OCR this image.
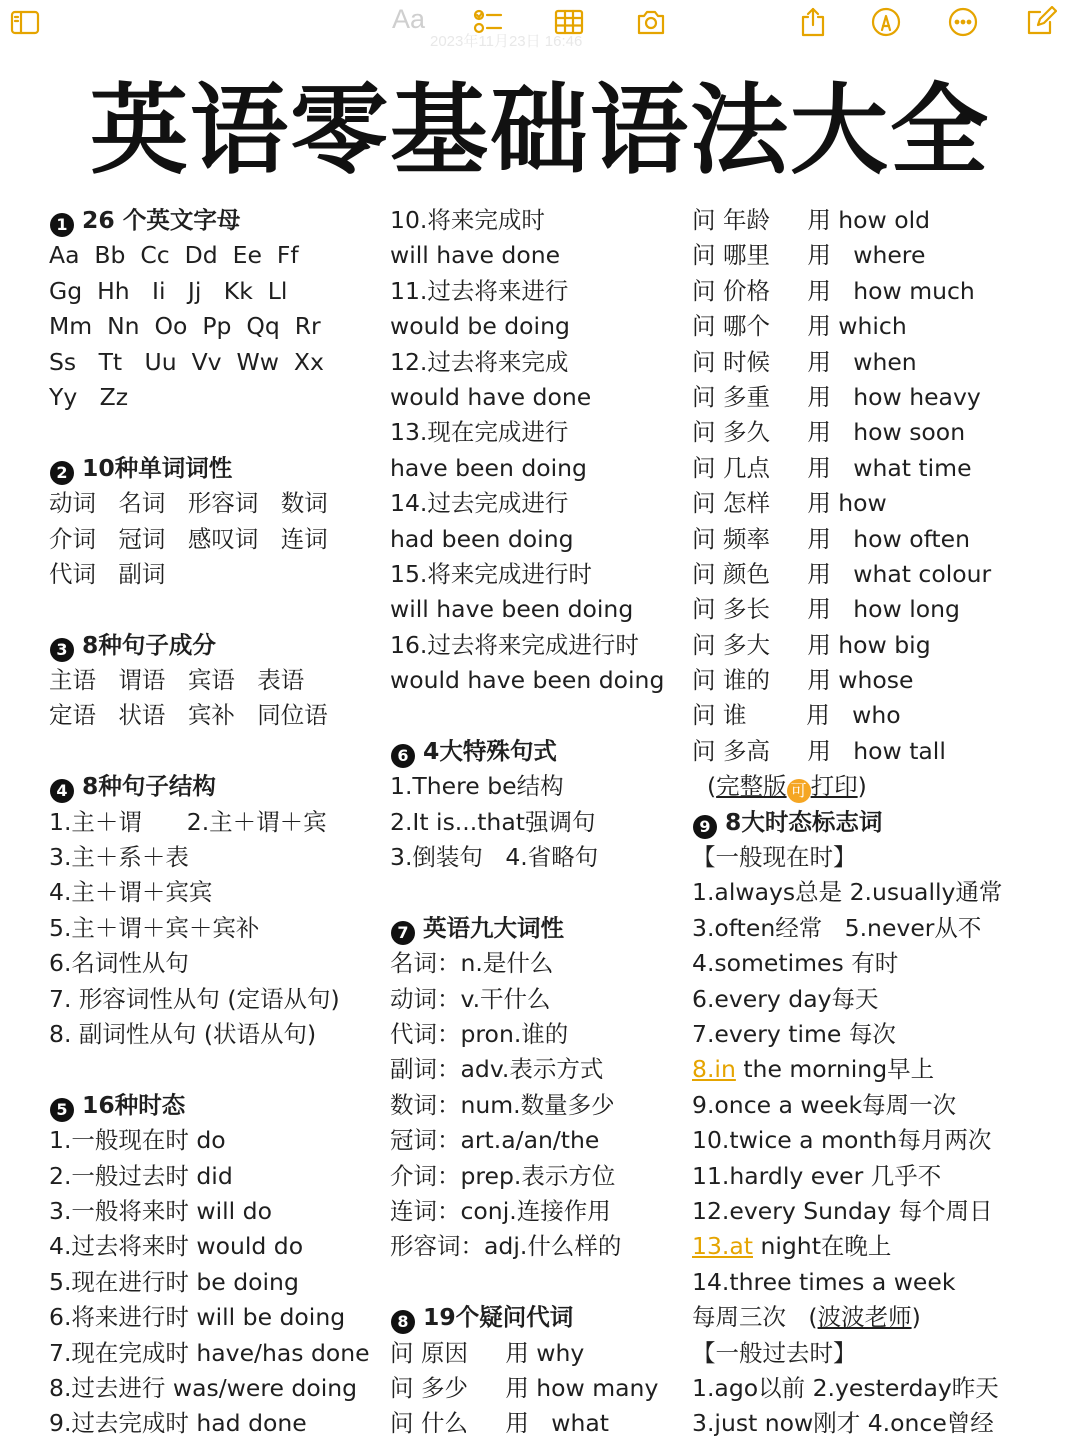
Aa
2023年11月23日 16:46
英语零基础语法大全
1 26 个英文字母
Aa  Bb  Cc  Dd  Ee  Ff
Gg  Hh   Ii   Jj   Kk  Ll
Mm  Nn  Oo  Pp  Qq  Rr
Ss   Tt   Uu  Vv  Ww  Xx
Yy   Zz
2 10种单词词性
动词   名词   形容词   数词
介词   冠词   感叹词   连词
代词   副词
3 8种句子成分
主语   谓语   宾语   表语
定语   状语   宾补   同位语
4 8种句子结构
1.主＋谓      2.主＋谓＋宾
3.主＋系＋表
4.主＋谓＋宾宾
5.主＋谓＋宾＋宾补
6.名词性从句
7. 形容词性从句 (定语从句)
8. 副词性从句 (状语从句)
5 16种时态
1.一般现在时 do
2.一般过去时 did
3.一般将来时 will do
4.过去将来时 would do
5.现在进行时 be doing
6.将来进行时 will be doing
7.现在完成时 have/has done
8.过去进行 was/were doing
9.过去完成时 had done
10.将来完成时
will have done
11.过去将来进行
would be doing
12.过去将来完成
would have done
13.现在完成进行
have been doing
14.过去完成进行
had been doing
15.将来完成进行时
will have been doing
16.过去将来完成进行时
would have been doing
6 4大特殊句式
1.There be结构
2.It is...that强调句
3.倒装句   4.省略句
7 英语九大词性
名词：n.是什么
动词：v.干什么
代词：pron.谁的
副词：adv.表示方式
数词：num.数量多少
冠词：art.a/an/the
介词：prep.表示方位
连词：conj.连接作用
形容词：adj.什么样的
8 19个疑问代词
问 原因     用 why
问 多少     用 how many
问 什么     用   what
问 年龄     用 how old
问 哪里     用   where
问 价格     用   how much
问 哪个     用 which
问 时候     用   when
问 多重     用   how heavy
问 多久     用   how soon
问 几点     用   what time
问 怎样     用 how
问 频率     用   how often
问 颜色     用   what colour
问 多长     用   how long
问 多大     用 how big
问 谁的     用 whose
问 谁        用   who
问 多高     用   how tall
(完整版 可 打印)
9 8大时态标志词
【一般现在时】
1.always总是 2.usually通常
3.often经常   5.never从不
4.sometimes 有时
6.every day每天
7.every time 每次
8.in the morning早上
9.once a week每周一次
10.twice a month每月两次
11.hardly ever 几乎不
12.every Sunday 每个周日
13.at night在晚上
14.three times a week
每周三次   (波波老师)
【一般过去时】
1.ago以前 2.yesterday昨天
3.just now刚才 4.once曾经
